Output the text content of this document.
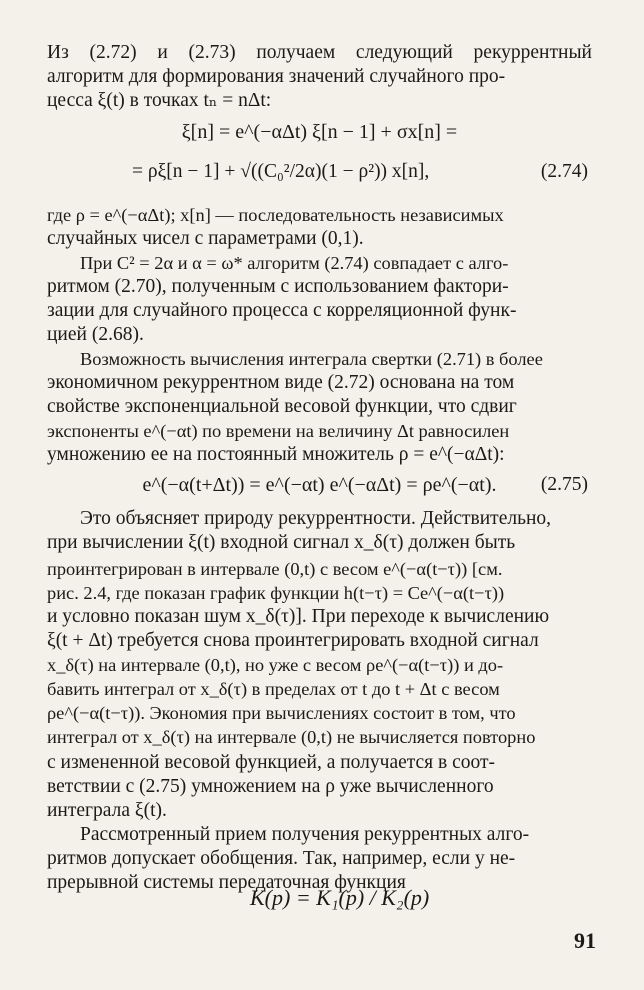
Из (2.72) и (2.73) получаем следующий рекуррентный
алгоритм для формирования значений случайного про-
цесса ξ(t) в точках tₙ = nΔt:
ξ[n] = e^(−αΔt) ξ[n − 1] + σx[n] =
= ρξ[n − 1] + √((C₀²/2α)(1 − ρ²)) x[n],	(2.74)
где ρ = e^(−αΔt); x[n] — последовательность независимых
случайных чисел с параметрами (0,1).
При C² = 2α и α = ω* алгоритм (2.74) совпадает с алго-
ритмом (2.70), полученным с использованием фактори-
зации для случайного процесса с корреляционной функ-
цией (2.68).
Возможность вычисления интеграла свертки (2.71) в более
экономичном рекуррентном виде (2.72) основана на том
свойстве экспоненциальной весовой функции, что сдвиг
экспоненты e^(−αt) по времени на величину Δt равносилен
умножению ее на постоянный множитель ρ = e^(−αΔt):
e^(−α(t+Δt)) = e^(−αt) e^(−αΔt) = ρe^(−αt).	(2.75)
Это объясняет природу рекуррентности. Действительно,
при вычислении ξ(t) входной сигнал x_δ(τ) должен быть
проинтегрирован в интервале (0,t) с весом e^(−α(t−τ)) [см.
рис. 2.4, где показан график функции h(t−τ) = Ce^(−α(t−τ))
и условно показан шум x_δ(τ)]. При переходе к вычислению
ξ(t + Δt) требуется снова проинтегрировать входной сигнал
x_δ(τ) на интервале (0,t), но уже с весом ρe^(−α(t−τ)) и до-
бавить интеграл от x_δ(τ) в пределах от t до t + Δt с весом
ρe^(−α(t−τ)). Экономия при вычислениях состоит в том, что
интеграл от x_δ(τ) на интервале (0,t) не вычисляется повторно
с измененной весовой функцией, а получается в соот-
ветствии с (2.75) умножением на ρ уже вычисленного
интеграла ξ(t).
Рассмотренный прием получения рекуррентных алго-
ритмов допускает обобщения. Так, например, если у не-
прерывной системы передаточная функция
K(p) = K₁(p) / K₂(p)
91
